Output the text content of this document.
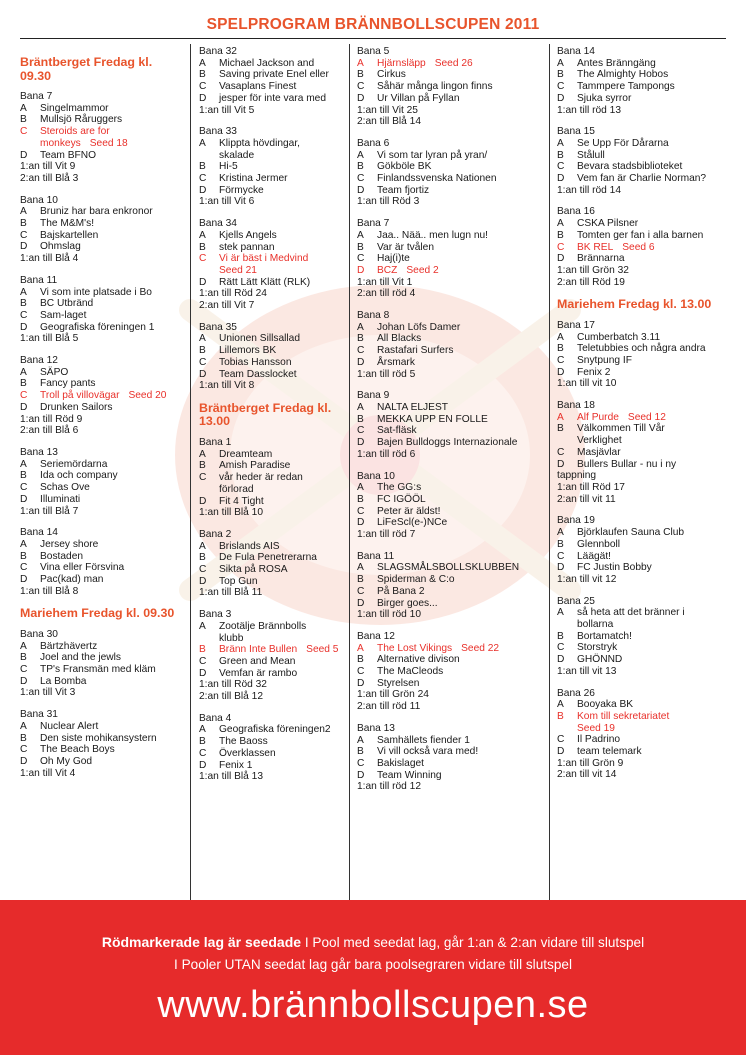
SPELPROGRAM BRÄNNBOLLSCUPEN 2011
Bräntberget Fredag kl. 09.30
Bana 7
A	Singelmammor
B	Mullsjö Råruggers
C	Steroids are for monkeys Seed 18
D	Team BFNO
1:an till Vit 9
2:an till Blå 3
Bana 10
A	Bruniz har bara enkronor
B	The M&M's!
C	Bajskartellen
D	Ohmslag
1:an till Blå 4
Bana 11
A	Vi som inte platsade i Bo
B	BC Utbränd
C	Sam-laget
D	Geografiska föreningen 1
1:an till Blå 5
Bana 12
A	SÄPO
B	Fancy pants
C	Troll på villovägar Seed 20
D	Drunken Sailors
1:an till Röd 9
2:an till Blå 6
Bana 13
A	Seriemördarna
B	Ida och company
C	Schas Ove
D	Illuminati
1:an till Blå 7
Bana 14
A	Jersey shore
B	Bostaden
C	Vina eller Försvina
D	Pac(kad) man
1:an till Blå 8
Mariehem Fredag kl. 09.30
Bana 30
A	Bärtzhävertz
B	Joel and the jewls
C	TP's Fransmän med kläm
D	La Bomba
1:an till Vit 3
Bana 31
A	Nuclear Alert
B	Den siste mohikansystern
C	The Beach Boys
D	Oh My God
1:an till Vit 4
Bana 32
A	Michael Jackson and
B	Saving private Enel eller
C	Vasaplans Finest
D	jesper för inte vara med
1:an till Vit 5
Bana 33
A	Klippta hövdingar,
skalade
B	Hi-5
C	Kristina Jermer
D	Förmycke
1:an till Vit 6
Bana 34
A	Kjells Angels
B	stek pannan
C	Vi är bäst i Medvind
Seed 21
D	Rätt Lätt Klätt (RLK)
1:an till Röd 24
2:an till Vit 7
Bana 35
A	Unionen Sillsallad
B	Lillemors BK
C	Tobias Hansson
D	Team Dasslocket
1:an till Vit 8
Bräntberget Fredag kl. 13.00
Bana 1
A	Dreamteam
B	Amish Paradise
C	vår heder är redan
förlorad
D	Fit 4 Tight
1:an till Blå 10
Bana 2
A	Brislands AIS
B	De Fula Penetrerarna
C	Sikta på ROSA
D	Top Gun
1:an till Blå 11
Bana 3
A	Zootälje Brännbolls
klubb
B	Bränn Inte Bullen Seed 5
C	Green and Mean
D	Vemfan är rambo
1:an till Röd 32
2:an till Blå 12
Bana 4
A	Geografiska föreningen2
B	The Baoss
C	Överklassen
D	Fenix 1
1:an till Blå 13
Bana 5
A	Hjärnsläpp Seed 26
B	Cirkus
C	Såhär många lingon finns
D	Ur Villan på Fyllan
1:an till Vit 25
2:an till Blå 14
Bana 6
A	Vi som tar lyran på yran/
B	Gökböle BK
C	Finlandssvenska Nationen
D	Team fjortiz
1:an till Röd 3
Bana 7
A	Jaa.. Nää.. men lugn nu!
B	Var är tvålen
C	Haj(i)te
D	BCZ Seed 2
1:an till Vit 1
2:an till röd 4
Bana 8
A	Johan Löfs Damer
B	All Blacks
C	Rastafari Surfers
D	Årsmark
1:an till röd 5
Bana 9
A	NALTA ELJEST
B	MEKKA UPP EN FOLLE
C	Sat-fläsk
D	Bajen Bulldoggs Internazionale
1:an till röd 6
Bana 10
A	The GG:s
B	FC IGÖÖL
C	Peter är äldst!
D	LiFeScl(e-)NCe
1:an till röd 7
Bana 11
A	SLAGSMÅLSBOLLSKLUBBEN
B	Spiderman & C:o
C	På Bana 2
D	Birger goes...
1:an till röd 10
Bana 12
A	The Lost Vikings Seed 22
B	Alternative divison
C	The MaCleods
D	Styrelsen
1:an till Grön 24
2:an till röd 11
Bana 13
A	Samhällets fiender 1
B	Vi vill också vara med!
C	Bakislaget
D	Team Winning
1:an till röd 12
Bana 14
A	Antes Bränngäng
B	The Almighty Hobos
C	Tammpere Tampongs
D	Sjuka syrror
1:an till röd 13
Bana 15
A	Se Upp För Dårarna
B	Stålull
C	Bevara stadsbiblioteket
D	Vem fan är Charlie Norman?
1:an till röd 14
Bana 16
A	CSKA Pilsner
B	Tomten ger fan i alla barnen
C	BK REL Seed 6
D	Brännarna
1:an till Grön 32
2:an till Röd 19
Mariehem Fredag kl. 13.00
Bana 17
A	Cumberbatch 3.11
B	Teletubbies och några andra
C	Snytpung IF
D	Fenix 2
1:an till vit 10
Bana 18
A	Alf Purde Seed 12
B	Välkommen Till Vår
Verklighet
C	Masjävlar
D	Bullers Bullar - nu i ny
tappning
1:an till Röd 17
2:an till vit 11
Bana 19
A	Björklaufen Sauna Club
B	Glennboll
C	Läägät!
D	FC Justin Bobby
1:an till vit 12
Bana 25
A	så heta att det bränner i
bollarna
B	Bortamatch!
C	Storstryk
D	GHÖNND
1:an till vit 13
Bana 26
A	Booyaka BK
B	Kom till sekretariatet
Seed 19
C	Il Padrino
D	team telemark
1:an till Grön 9
2:an till vit 14
Rödmarkerade lag är seedade I Pool med seedat lag, går 1:an & 2:an vidare till slutspel
I Pooler UTAN seedat lag går bara poolsegraren vidare till slutspel
www.brännbollscupen.se
